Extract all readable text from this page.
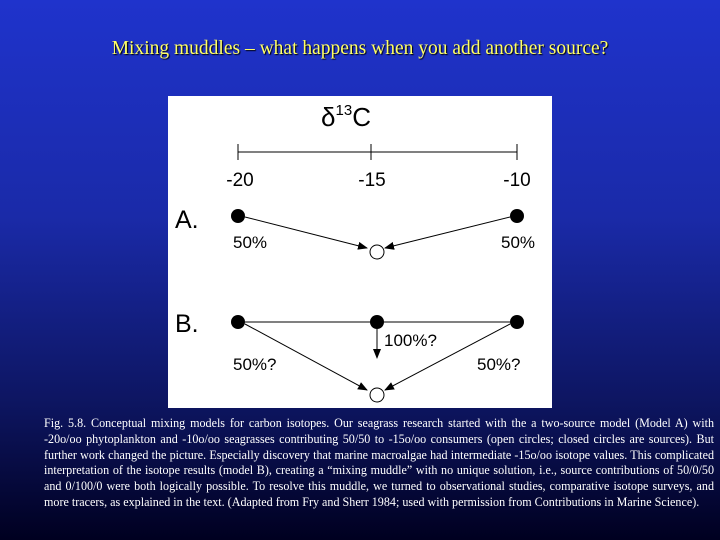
Mixing muddles – what happens when you add another source?
$\delta^{13}C$
-20	-15	-10
A.
50%	50%
B.
100%?
50%?	50%?
Fig. 5.8. Conceptual mixing models for carbon isotopes. Our seagrass research started with the a two-source model (Model A) with -20o/oo phytoplankton and -10o/oo seagrasses contributing 50/50 to -15o/oo consumers (open circles; closed circles are sources). But further work changed the picture. Especially discovery that marine macroalgae had intermediate -15o/oo isotope values. This complicated interpretation of the isotope results (model B), creating a “mixing muddle” with no unique solution, i.e., source contributions of 50/0/50 and 0/100/0 were both logically possible. To resolve this muddle, we turned to observational studies, comparative isotope surveys, and more tracers, as explained in the text. (Adapted from Fry and Sherr 1984; used with permission from Contributions in Marine Science).
